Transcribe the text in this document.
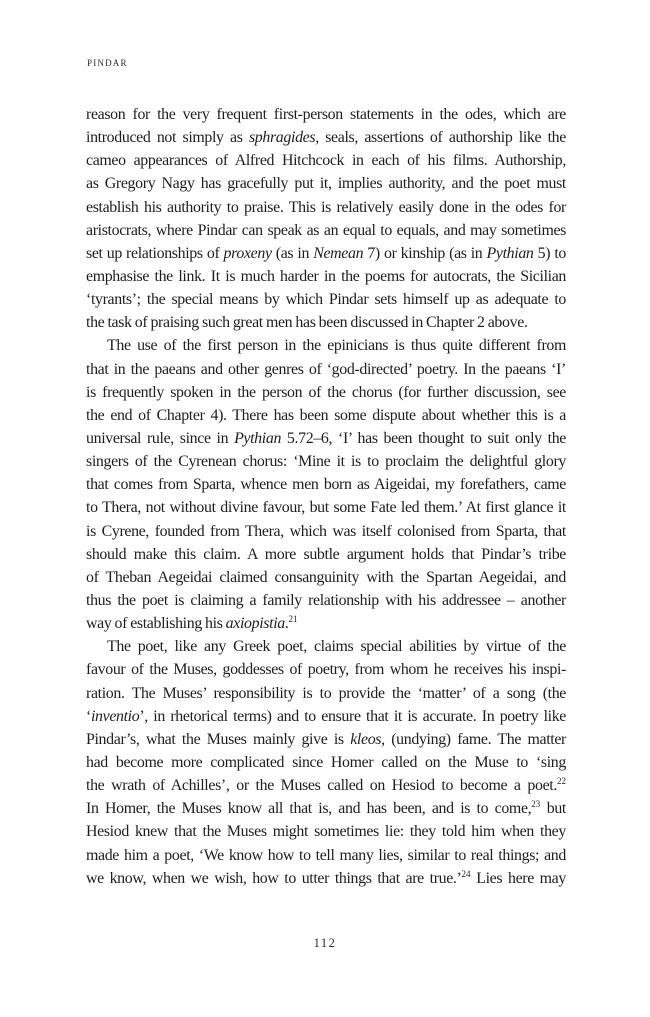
pindar
reason for the very frequent first-person statements in the odes, which are
introduced not simply as sphragides, seals, assertions of authorship like the
cameo appearances of Alfred Hitchcock in each of his films. Authorship,
as Gregory Nagy has gracefully put it, implies authority, and the poet must
establish his authority to praise. This is relatively easily done in the odes for
aristocrats, where Pindar can speak as an equal to equals, and may sometimes
set up relationships of proxeny (as in Nemean 7) or kinship (as in Pythian 5) to
emphasise the link. It is much harder in the poems for autocrats, the Sicilian
‘tyrants’; the special means by which Pindar sets himself up as adequate to
the task of praising such great men has been discussed in Chapter 2 above.
The use of the first person in the epinicians is thus quite different from
that in the paeans and other genres of ‘god-directed’ poetry. In the paeans ‘I’
is frequently spoken in the person of the chorus (for further discussion, see
the end of Chapter 4). There has been some dispute about whether this is a
universal rule, since in Pythian 5.72–6, ‘I’ has been thought to suit only the
singers of the Cyrenean chorus: ‘Mine it is to proclaim the delightful glory
that comes from Sparta, whence men born as Aigeidai, my forefathers, came
to Thera, not without divine favour, but some Fate led them.’ At first glance it
is Cyrene, founded from Thera, which was itself colonised from Sparta, that
should make this claim. A more subtle argument holds that Pindar’s tribe
of Theban Aegeidai claimed consanguinity with the Spartan Aegeidai, and
thus the poet is claiming a family relationship with his addressee – another
way of establishing his axiopistia.$^{21}$
The poet, like any Greek poet, claims special abilities by virtue of the
favour of the Muses, goddesses of poetry, from whom he receives his inspi-
ration. The Muses’ responsibility is to provide the ‘matter’ of a song (the
‘inventio’, in rhetorical terms) and to ensure that it is accurate. In poetry like
Pindar’s, what the Muses mainly give is kleos, (undying) fame. The matter
had become more complicated since Homer called on the Muse to ‘sing
the wrath of Achilles’, or the Muses called on Hesiod to become a poet.$^{22}$
In Homer, the Muses know all that is, and has been, and is to come,$^{23}$ but
Hesiod knew that the Muses might sometimes lie: they told him when they
made him a poet, ‘We know how to tell many lies, similar to real things; and
we know, when we wish, how to utter things that are true.’$^{24}$ Lies here may
112
